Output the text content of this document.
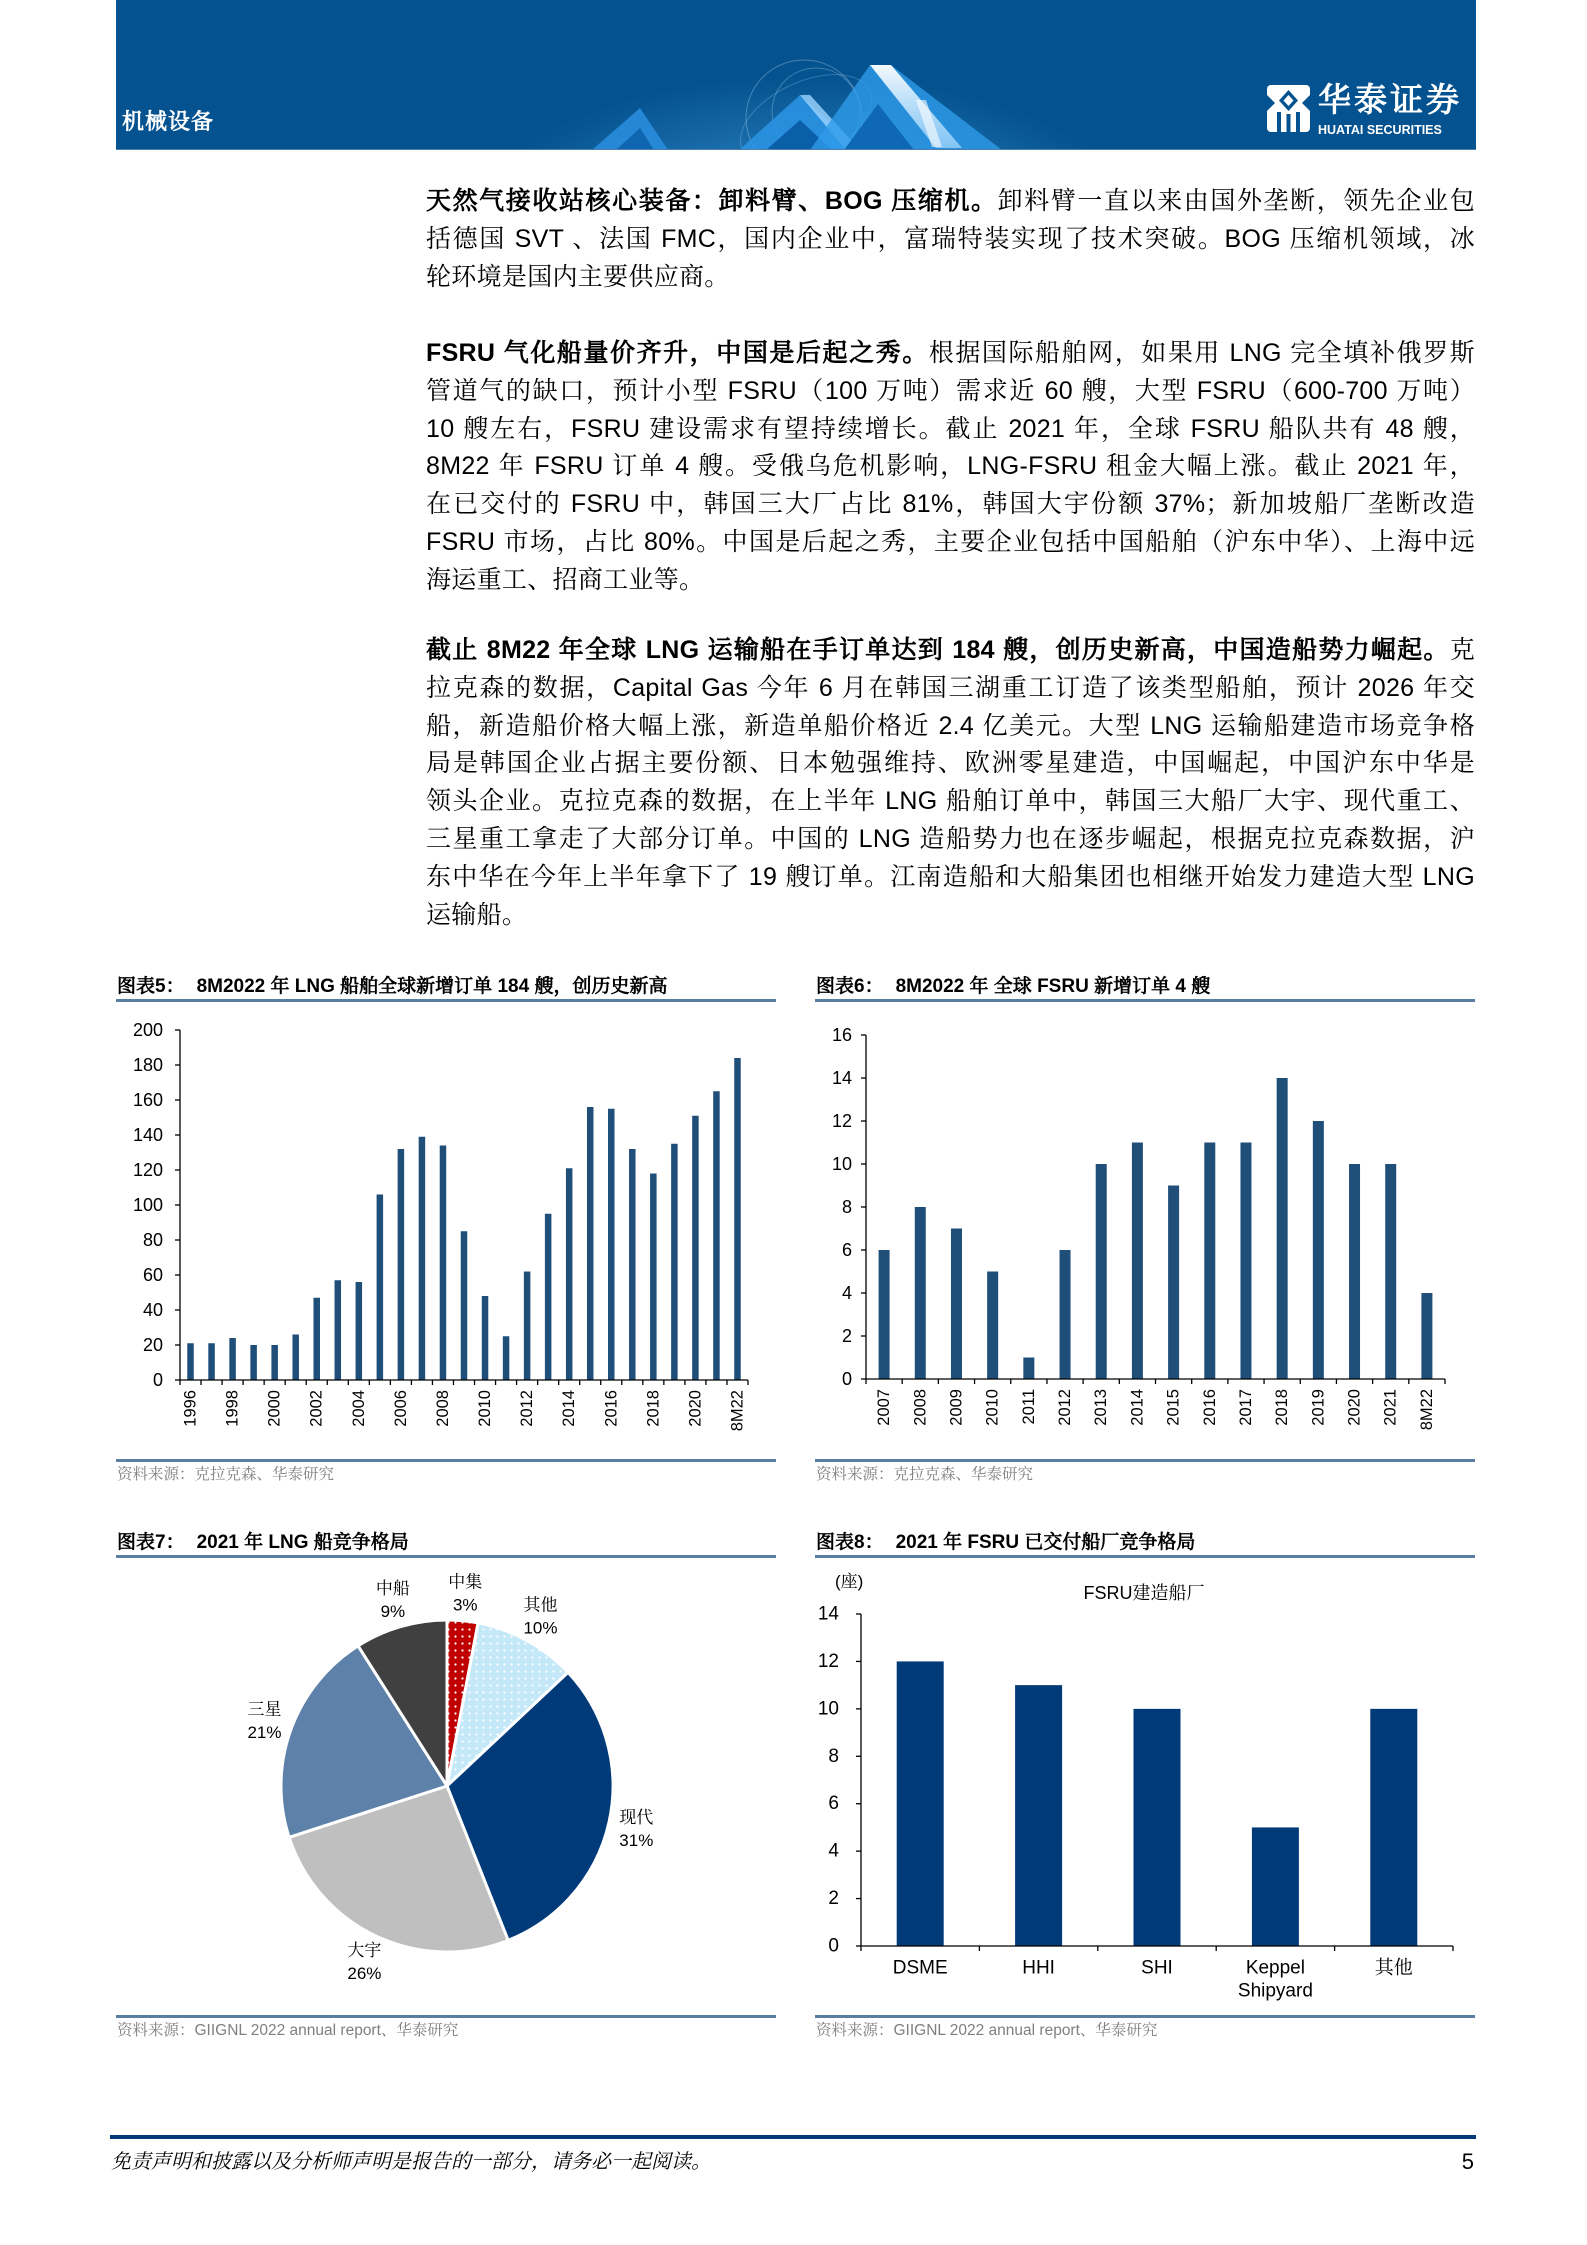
机械设备
华泰证券
HUATAI SECURITIES
天然气接收站核心装备：卸料臂、BOG 压缩机。卸料臂一直以来由国外垄断，领先企业包
括德国 SVT 、法国 FMC，国内企业中，富瑞特装实现了技术突破。BOG 压缩机领域，冰
轮环境是国内主要供应商。
FSRU 气化船量价齐升，中国是后起之秀。根据国际船舶网，如果用 LNG 完全填补俄罗斯
管道气的缺口，预计小型 FSRU（100 万吨）需求近 60 艘，大型 FSRU（600-700 万吨）
10 艘左右，FSRU 建设需求有望持续增长。截止 2021 年，全球 FSRU 船队共有 48 艘，
8M22 年 FSRU 订单 4 艘。受俄乌危机影响，LNG-FSRU 租金大幅上涨。截止 2021 年，
在已交付的 FSRU 中，韩国三大厂占比 81%，韩国大宇份额 37%；新加坡船厂垄断改造
FSRU 市场，占比 80%。中国是后起之秀，主要企业包括中国船舶（沪东中华）、上海中远
海运重工、招商工业等。
截止 8M22 年全球 LNG 运输船在手订单达到 184 艘，创历史新高，中国造船势力崛起。克
拉克森的数据，Capital Gas 今年 6 月在韩国三湖重工订造了该类型船舶，预计 2026 年交
船，新造船价格大幅上涨，新造单船价格近 2.4 亿美元。大型 LNG 运输船建造市场竞争格
局是韩国企业占据主要份额、日本勉强维持、欧洲零星建造，中国崛起，中国沪东中华是
领头企业。克拉克森的数据，在上半年 LNG 船舶订单中，韩国三大船厂大宇、现代重工、
三星重工拿走了大部分订单。中国的 LNG 造船势力也在逐步崛起，根据克拉克森数据，沪
东中华在今年上半年拿下了 19 艘订单。江南造船和大船集团也相继开始发力建造大型 LNG
运输船。
图表5： 8M2022 年 LNG 船舶全球新增订单 184 艘，创历史新高
0
20
40
60
80
100
120
140
160
180
200
1996 1998 2000 2002 2004 2006 2008 2010 2012 2014 2016 2018 2020 8M22
资料来源：克拉克森、华泰研究
图表6： 8M2022 年 全球 FSRU 新增订单 4 艘
0
2
4
6
8
10
12
14
16
2007 2008 2009 2010 2011 2012 2013 2014 2015 2016 2017 2018 2019 2020 2021 8M22
资料来源：克拉克森、华泰研究
图表7： 2021 年 LNG 船竞争格局
中集
3%	其他
10%
现代
31%
大宇
26%
三星
21%
中船
9%
资料来源：GIIGNL 2022 annual report、华泰研究
图表8： 2021 年 FSRU 已交付船厂竞争格局
0
2
4
6
8
10
12
14
DSME	HHI	SHI	Keppel
Shipyard
其他
(座)
FSRU建造船厂
资料来源：GIIGNL 2022 annual report、华泰研究
免责声明和披露以及分析师声明是报告的一部分，请务必一起阅读。	5
